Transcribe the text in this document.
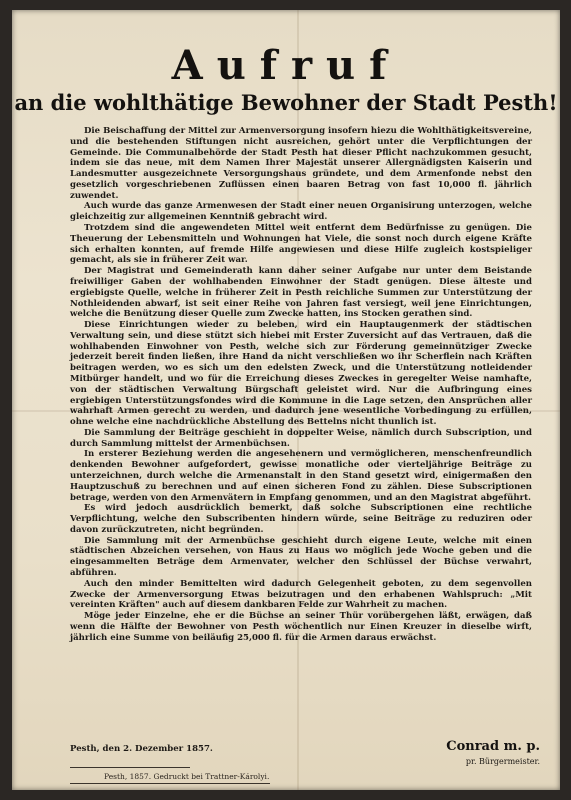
Aufruf
an die wohlthätige Bewohner der Stadt Pesth!

Die Beischaffung der Mittel zur Armenversorgung insofern hiezu die Wohlthätigkeitsvereine, und die bestehenden Stiftungen nicht ausreichen, gehört unter die Verpflichtungen der Gemeinde. Die Communalbehörde der Stadt Pesth hat dieser Pflicht nachzukommen gesucht, indem sie das neue, mit dem Namen Ihrer Majestät unserer Allergnädigsten Kaiserin und Landesmutter ausgezeichnete Versorgungshaus gründete, und dem Armenfonde nebst den gesetzlich vorgeschriebenen Zuflüssen einen baaren Betrag von fast 10,000 fl. jährlich zuwendet.

Auch wurde das ganze Armenwesen der Stadt einer neuen Organisirung unterzogen, welche gleichzeitig zur allgemeinen Kenntniß gebracht wird.

Trotzdem sind die angewendeten Mittel weit entfernt dem Bedürfnisse zu genügen. Die Theuerung der Lebensmitteln und Wohnungen hat Viele, die sonst noch durch eigene Kräfte sich erhalten konnten, auf fremde Hilfe angewiesen und diese Hilfe zugleich kostspieliger gemacht, als sie in früherer Zeit war.

Der Magistrat und Gemeinderath kann daher seiner Aufgabe nur unter dem Beistande freiwilliger Gaben der wohlhabenden Einwohner der Stadt genügen. Diese älteste und ergiebigste Quelle, welche in früherer Zeit in Pesth reichliche Summen zur Unterstützung der Nothleidenden abwarf, ist seit einer Reihe von Jahren fast versiegt, weil jene Einrichtungen, welche die Benützung dieser Quelle zum Zwecke hatten, ins Stocken gerathen sind.

Diese Einrichtungen wieder zu beleben, wird ein Hauptaugenmerk der städtischen Verwaltung sein, und diese stützt sich hiebei mit Erster Zuversicht auf das Vertrauen, daß die wohlhabenden Einwohner von Pesth, welche sich zur Förderung gemeinnütziger Zwecke jederzeit bereit finden ließen, ihre Hand da nicht verschließen wo ihr Scherflein nach Kräften beitragen werden, wo es sich um den edelsten Zweck, und die Unterstützung notleidender Mitbürger handelt, und wo für die Erreichung dieses Zweckes in geregelter Weise namhafte, von der städtischen Verwaltung Bürgschaft geleistet wird. Nur die Aufbringung eines ergiebigen Unterstützungsfondes wird die Kommune in die Lage setzen, den Ansprüchen aller wahrhaft Armen gerecht zu werden, und dadurch jene wesentliche Vorbedingung zu erfüllen, ohne welche eine nachdrückliche Abstellung des Bettelns nicht thunlich ist.

Die Sammlung der Beiträge geschieht in doppelter Weise, nämlich durch Subscription, und durch Sammlung mittelst der Armenbüchsen.

In ersterer Beziehung werden die angesehenern und vermöglicheren, menschenfreundlich denkenden Bewohner aufgefordert, gewisse monatliche oder vierteljährige Beiträge zu unterzeichnen, durch welche die Armenanstalt in den Stand gesetzt wird, einigermaßen den Hauptzuschuß zu berechnen und auf einen sicheren Fond zu zählen. Diese Subscriptionen betrage, werden von den Armenvätern in Empfang genommen, und an den Magistrat abgeführt.

Es wird jedoch ausdrücklich bemerkt, daß solche Subscriptionen eine rechtliche Verpflichtung, welche den Subscribenten hindern würde, seine Beiträge zu reduziren oder davon zurückzutreten, nicht begründen.

Die Sammlung mit der Armenbüchse geschieht durch eigene Leute, welche mit einen städtischen Abzeichen versehen, von Haus zu Haus wo möglich jede Woche geben und die eingesammelten Beträge dem Armenvater, welcher den Schlüssel der Büchse verwahrt, abführen.

Auch den minder Bemittelten wird dadurch Gelegenheit geboten, zu dem segenvollen Zwecke der Armenversorgung Etwas beizutragen und den erhabenen Wahlspruch: „Mit vereinten Kräften" auch auf diesem dankbaren Felde zur Wahrheit zu machen.

Möge jeder Einzelne, ehe er die Büchse an seiner Thür vorübergehen läßt, erwägen, daß wenn die Hälfte der Bewohner von Pesth wöchentlich nur Einen Kreuzer in dieselbe wirft, jährlich eine Summe von beiläufig 25,000 fl. für die Armen daraus erwächst.

Pesth, den 2. Dezember 1857.	Conrad m. p.
pr. Bürgermeister.
Pesth, 1857. Gedruckt bei Trattner-Károlyi.
